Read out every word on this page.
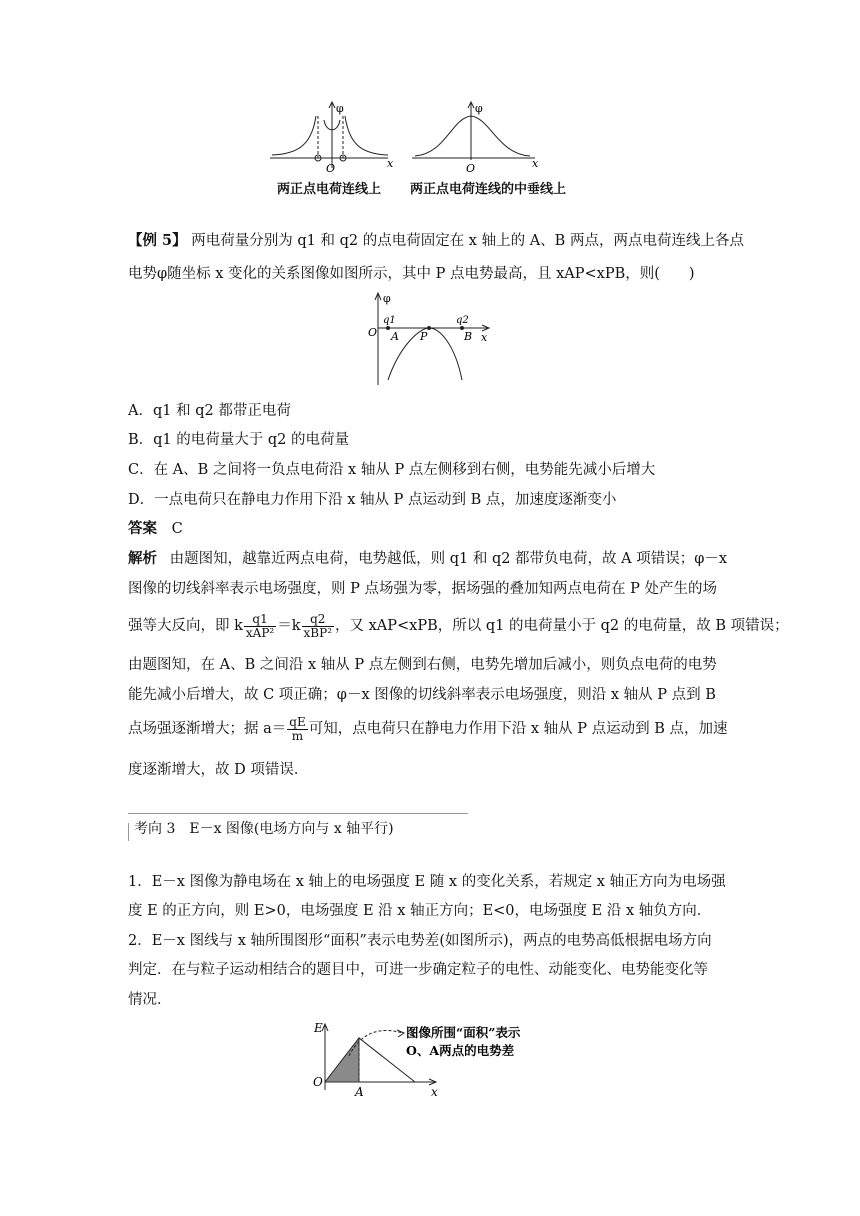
φ
O	x
φ
O	x
两正点电荷连线上 两正点电荷连线的中垂线上
【例 5】 两电荷量分别为 q1 和 q2 的点电荷固定在 x 轴上的 A、B 两点，两点电荷连线上各点
电势φ随坐标 x 变化的关系图像如图所示，其中 P 点电势最高，且 xAP<xPB，则(　　)
φ
O
q1	q2
A P	B x
A．q1 和 q2 都带正电荷
B．q1 的电荷量大于 q2 的电荷量
C．在 A、B 之间将一负点电荷沿 x 轴从 P 点左侧移到右侧，电势能先减小后增大
D．一点电荷只在静电力作用下沿 x 轴从 P 点运动到 B 点，加速度逐渐变小
答案 C
解析 由题图知，越靠近两点电荷，电势越低，则 q1 和 q2 都带负电荷，故 A 项错误；φ－x
图像的切线斜率表示电场强度，则 P 点场强为零，据场强的叠加知两点电荷在 P 处产生的场
强等大反向，即 k $\frac{q1}{\text{xAP²}} =k \frac{q2}{\text{xBP²}}$ ，又 xAP<xPB，所以 q1 的电荷量小于 q2 的电荷量，故 B 项错误；
由题图知，在 A、B 之间沿 x 轴从 P 点左侧到右侧，电势先增加后减小，则负点电荷的电势
能先减小后增大，故 C 项正确；φ－x 图像的切线斜率表示电场强度，则沿 x 轴从 P 点到 B
点场强逐渐增大；据 $a= \frac{qE}{m}$ 可知，点电荷只在静电力作用下沿 x 轴从 P 点运动到 B 点，加速
度逐渐增大，故 D 项错误．
考向 3　E－x 图像(电场方向与 x 轴平行)
1．E－x 图像为静电场在 x 轴上的电场强度 E 随 x 的变化关系，若规定 x 轴正方向为电场强
度 E 的正方向，则 E>0，电场强度 E 沿 x 轴正方向；E<0，电场强度 E 沿 x 轴负方向．
2．E－x 图线与 x 轴所围图形“面积”表示电势差(如图所示)，两点的电势高低根据电场方向
判定．在与粒子运动相结合的题目中，可进一步确定粒子的电性、动能变化、电势能变化等
情况．
E
O
A	x
图像所围“面积”表示
O、A两点的电势差
